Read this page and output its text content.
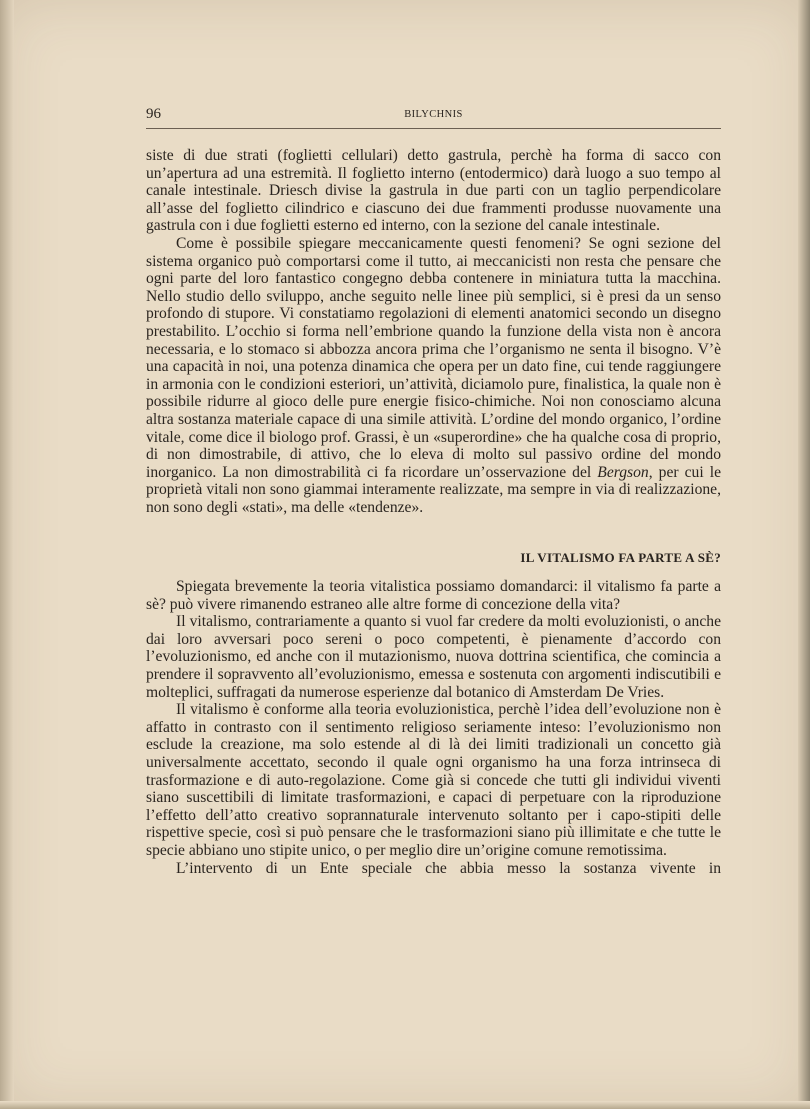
96	BILYCHNIS

siste di due strati (foglietti cellulari) detto gastrula, perchè ha forma di sacco con un’apertura ad una estremità. Il foglietto interno (entodermico) darà luogo a suo tempo al canale intestinale. Driesch divise la gastrula in due parti con un taglio perpendicolare all’asse del foglietto cilindrico e ciascuno dei due frammenti produsse nuovamente una gastrula con i due foglietti esterno ed interno, con la sezione del canale intestinale.

Come è possibile spiegare meccanicamente questi fenomeni? Se ogni sezione del sistema organico può comportarsi come il tutto, ai meccanicisti non resta che pensare che ogni parte del loro fantastico congegno debba contenere in miniatura tutta la macchina. Nello studio dello sviluppo, anche seguito nelle linee più semplici, si è presi da un senso profondo di stupore. Vi constatiamo regolazioni di elementi anatomici secondo un disegno prestabilito. L’occhio si forma nell’embrione quando la funzione della vista non è ancora necessaria, e lo stomaco si abbozza ancora prima che l’organismo ne senta il bisogno. V’è una capacità in noi, una potenza dinamica che opera per un dato fine, cui tende raggiungere in armonia con le condizioni esteriori, un’attività, diciamolo pure, finalistica, la quale non è possibile ridurre al gioco delle pure energie fisico-chimiche. Noi non conosciamo alcuna altra sostanza materiale capace di una simile attività. L’ordine del mondo organico, l’ordine vitale, come dice il biologo prof. Grassi, è un «superordine» che ha qualche cosa di proprio, di non dimostrabile, di attivo, che lo eleva di molto sul passivo ordine del mondo inorganico. La non dimostrabilità ci fa ricordare un’osservazione del Bergson, per cui le proprietà vitali non sono giammai interamente realizzate, ma sempre in via di realizzazione, non sono degli «stati», ma delle «tendenze».

IL VITALISMO FA PARTE A SÈ?

Spiegata brevemente la teoria vitalistica possiamo domandarci: il vitalismo fa parte a sè? può vivere rimanendo estraneo alle altre forme di concezione della vita?

Il vitalismo, contrariamente a quanto si vuol far credere da molti evoluzionisti, o anche dai loro avversari poco sereni o poco competenti, è pienamente d’accordo con l’evoluzionismo, ed anche con il mutazionismo, nuova dottrina scientifica, che comincia a prendere il sopravvento all’evoluzionismo, emessa e sostenuta con argomenti indiscutibili e molteplici, suffragati da numerose esperienze dal botanico di Amsterdam De Vries.

Il vitalismo è conforme alla teoria evoluzionistica, perchè l’idea dell’evoluzione non è affatto in contrasto con il sentimento religioso seriamente inteso: l’evoluzionismo non esclude la creazione, ma solo estende al di là dei limiti tradizionali un concetto già universalmente accettato, secondo il quale ogni organismo ha una forza intrinseca di trasformazione e di auto-regolazione. Come già si concede che tutti gli individui viventi siano suscettibili di limitate trasformazioni, e capaci di perpetuare con la riproduzione l’effetto dell’atto creativo soprannaturale intervenuto soltanto per i capo-stipiti delle rispettive specie, così si può pensare che le trasformazioni siano più illimitate e che tutte le specie abbiano uno stipite unico, o per meglio dire un’origine comune remotissima.

L’intervento di un Ente speciale che abbia messo la sostanza vivente in
